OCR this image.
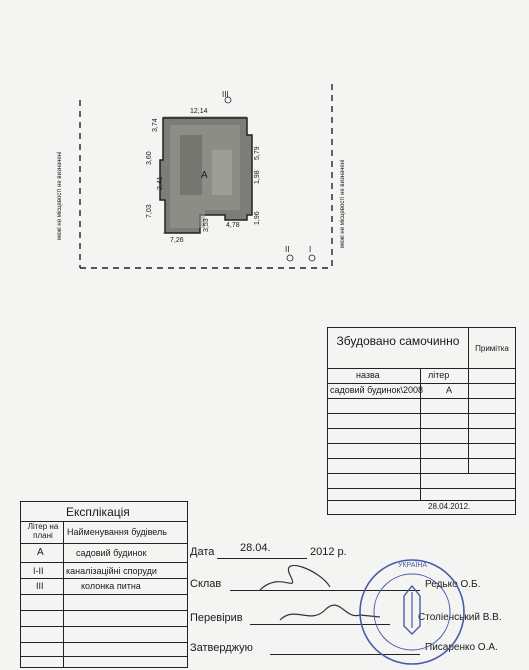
межі не місцевості не визначені	межі не місцевості не визначені
А
12,14
3,74
3,60
2,41
7,03
7,26
3,53 4,78
5,79
1,98
1,96
III
II I
Збудовано самочинно
Примітка
назва	літер
садовий будинок\2008	А
28.04.2012.
Експлікація
Літер на плані	Найменування будівель
А	садовий будинок
I-II	каналізаційні споруди
III	колонка питна
Дата 28.04.	2012 р.
Склав	Редько О.Б.
Перевірив	Століенський В.В.
Затверджую	Писаренко О.А.
УКРАЇНА
